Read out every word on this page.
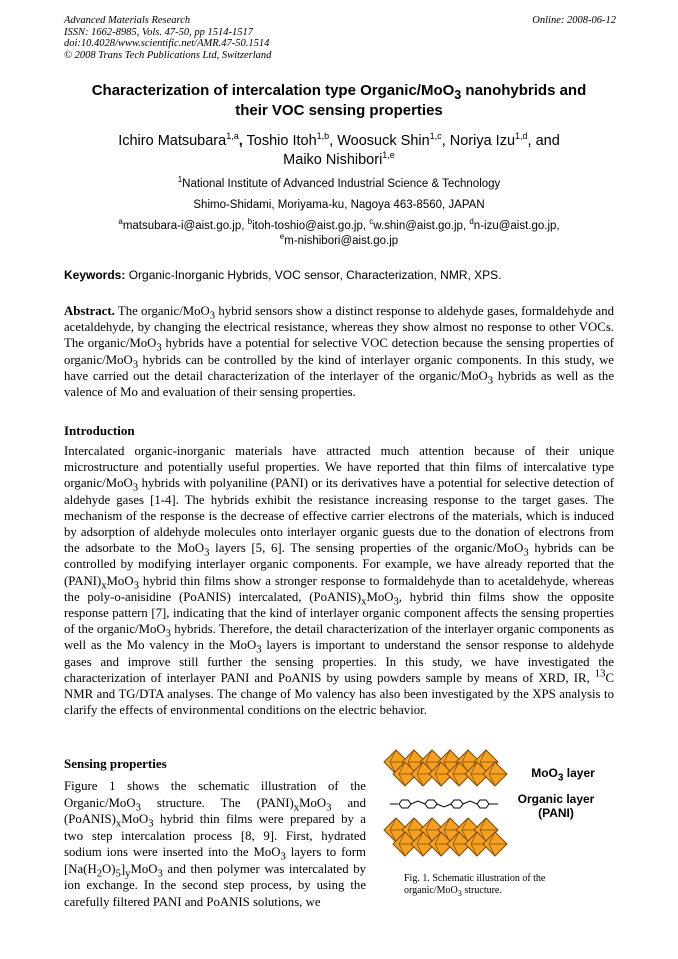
Advanced Materials Research
ISSN: 1662-8985, Vols. 47-50, pp 1514-1517
doi:10.4028/www.scientific.net/AMR.47-50.1514
© 2008 Trans Tech Publications Ltd, Switzerland
Online: 2008-06-12
Characterization of intercalation type Organic/MoO$_3$ nanohybrids and
their VOC sensing properties
Ichiro Matsubara$^{1,a}$, Toshio Itoh$^{1,b}$, Woosuck Shin$^{1,c}$, Noriya Izu$^{1,d}$, and
Maiko Nishibori$^{1,e}$
$^1$National Institute of Advanced Industrial Science & Technology
Shimo-Shidami, Moriyama-ku, Nagoya 463-8560, JAPAN
$^a$matsubara-i@aist.go.jp, $^b$itoh-toshio@aist.go.jp, $^c$w.shin@aist.go.jp, $^d$n-izu@aist.go.jp,
$^e$m-nishibori@aist.go.jp
Keywords: Organic-Inorganic Hybrids, VOC sensor, Characterization, NMR, XPS.
Abstract. The organic/MoO$_3$ hybrid sensors show a distinct response to aldehyde gases, formaldehyde and acetaldehyde, by changing the electrical resistance, whereas they show almost no response to other VOCs. The organic/MoO$_3$ hybrids have a potential for selective VOC detection because the sensing properties of organic/MoO$_3$ hybrids can be controlled by the kind of interlayer organic components. In this study, we have carried out the detail characterization of the interlayer of the organic/MoO$_3$ hybrids as well as the valence of Mo and evaluation of their sensing properties.
Introduction
Intercalated organic-inorganic materials have attracted much attention because of their unique microstructure and potentially useful properties. We have reported that thin films of intercalative type organic/MoO$_3$ hybrids with polyaniline (PANI) or its derivatives have a potential for selective detection of aldehyde gases [1-4]. The hybrids exhibit the resistance increasing response to the target gases. The mechanism of the response is the decrease of effective carrier electrons of the materials, which is induced by adsorption of aldehyde molecules onto interlayer organic guests due to the donation of electrons from the adsorbate to the MoO$_3$ layers [5, 6]. The sensing properties of the organic/MoO$_3$ hybrids can be controlled by modifying interlayer organic components. For example, we have already reported that the $(PANI)_xMoO_3$ hybrid thin films show a stronger response to formaldehyde than to acetaldehyde, whereas the poly-o-anisidine (PoANIS) intercalated, $(PoANIS)_xMoO_3$, hybrid thin films show the opposite response pattern [7], indicating that the kind of interlayer organic component affects the sensing properties of the organic/MoO$_3$ hybrids. Therefore, the detail characterization of the interlayer organic components as well as the Mo valency in the MoO$_3$ layers is important to understand the sensor response to aldehyde gases and improve still further the sensing properties. In this study, we have investigated the characterization of interlayer PANI and PoANIS by using powders sample by means of XRD, IR, $^{13}$C NMR and TG/DTA analyses. The change of Mo valency has also been investigated by the XPS analysis to clarify the effects of environmental conditions on the electric behavior.
Sensing properties
Figure 1 shows the schematic illustration of the Organic/MoO$_3$ structure. The $(PANI)_xMoO_3$ and $(PoANIS)_xMoO_3$ hybrid thin films were prepared by a two step intercalation process [8, 9]. First, hydrated sodium ions were inserted into the MoO$_3$ layers to form $[Na(H_2O)_5]_yMoO_3$ and then polymer was intercalated by ion exchange. In the second step process, by using the carefully filtered PANI and PoANIS solutions, we
MoO$_3$ layer
Organic layer
(PANI)
Fig. 1. Schematic illustration of the organic/MoO$_3$ structure.
